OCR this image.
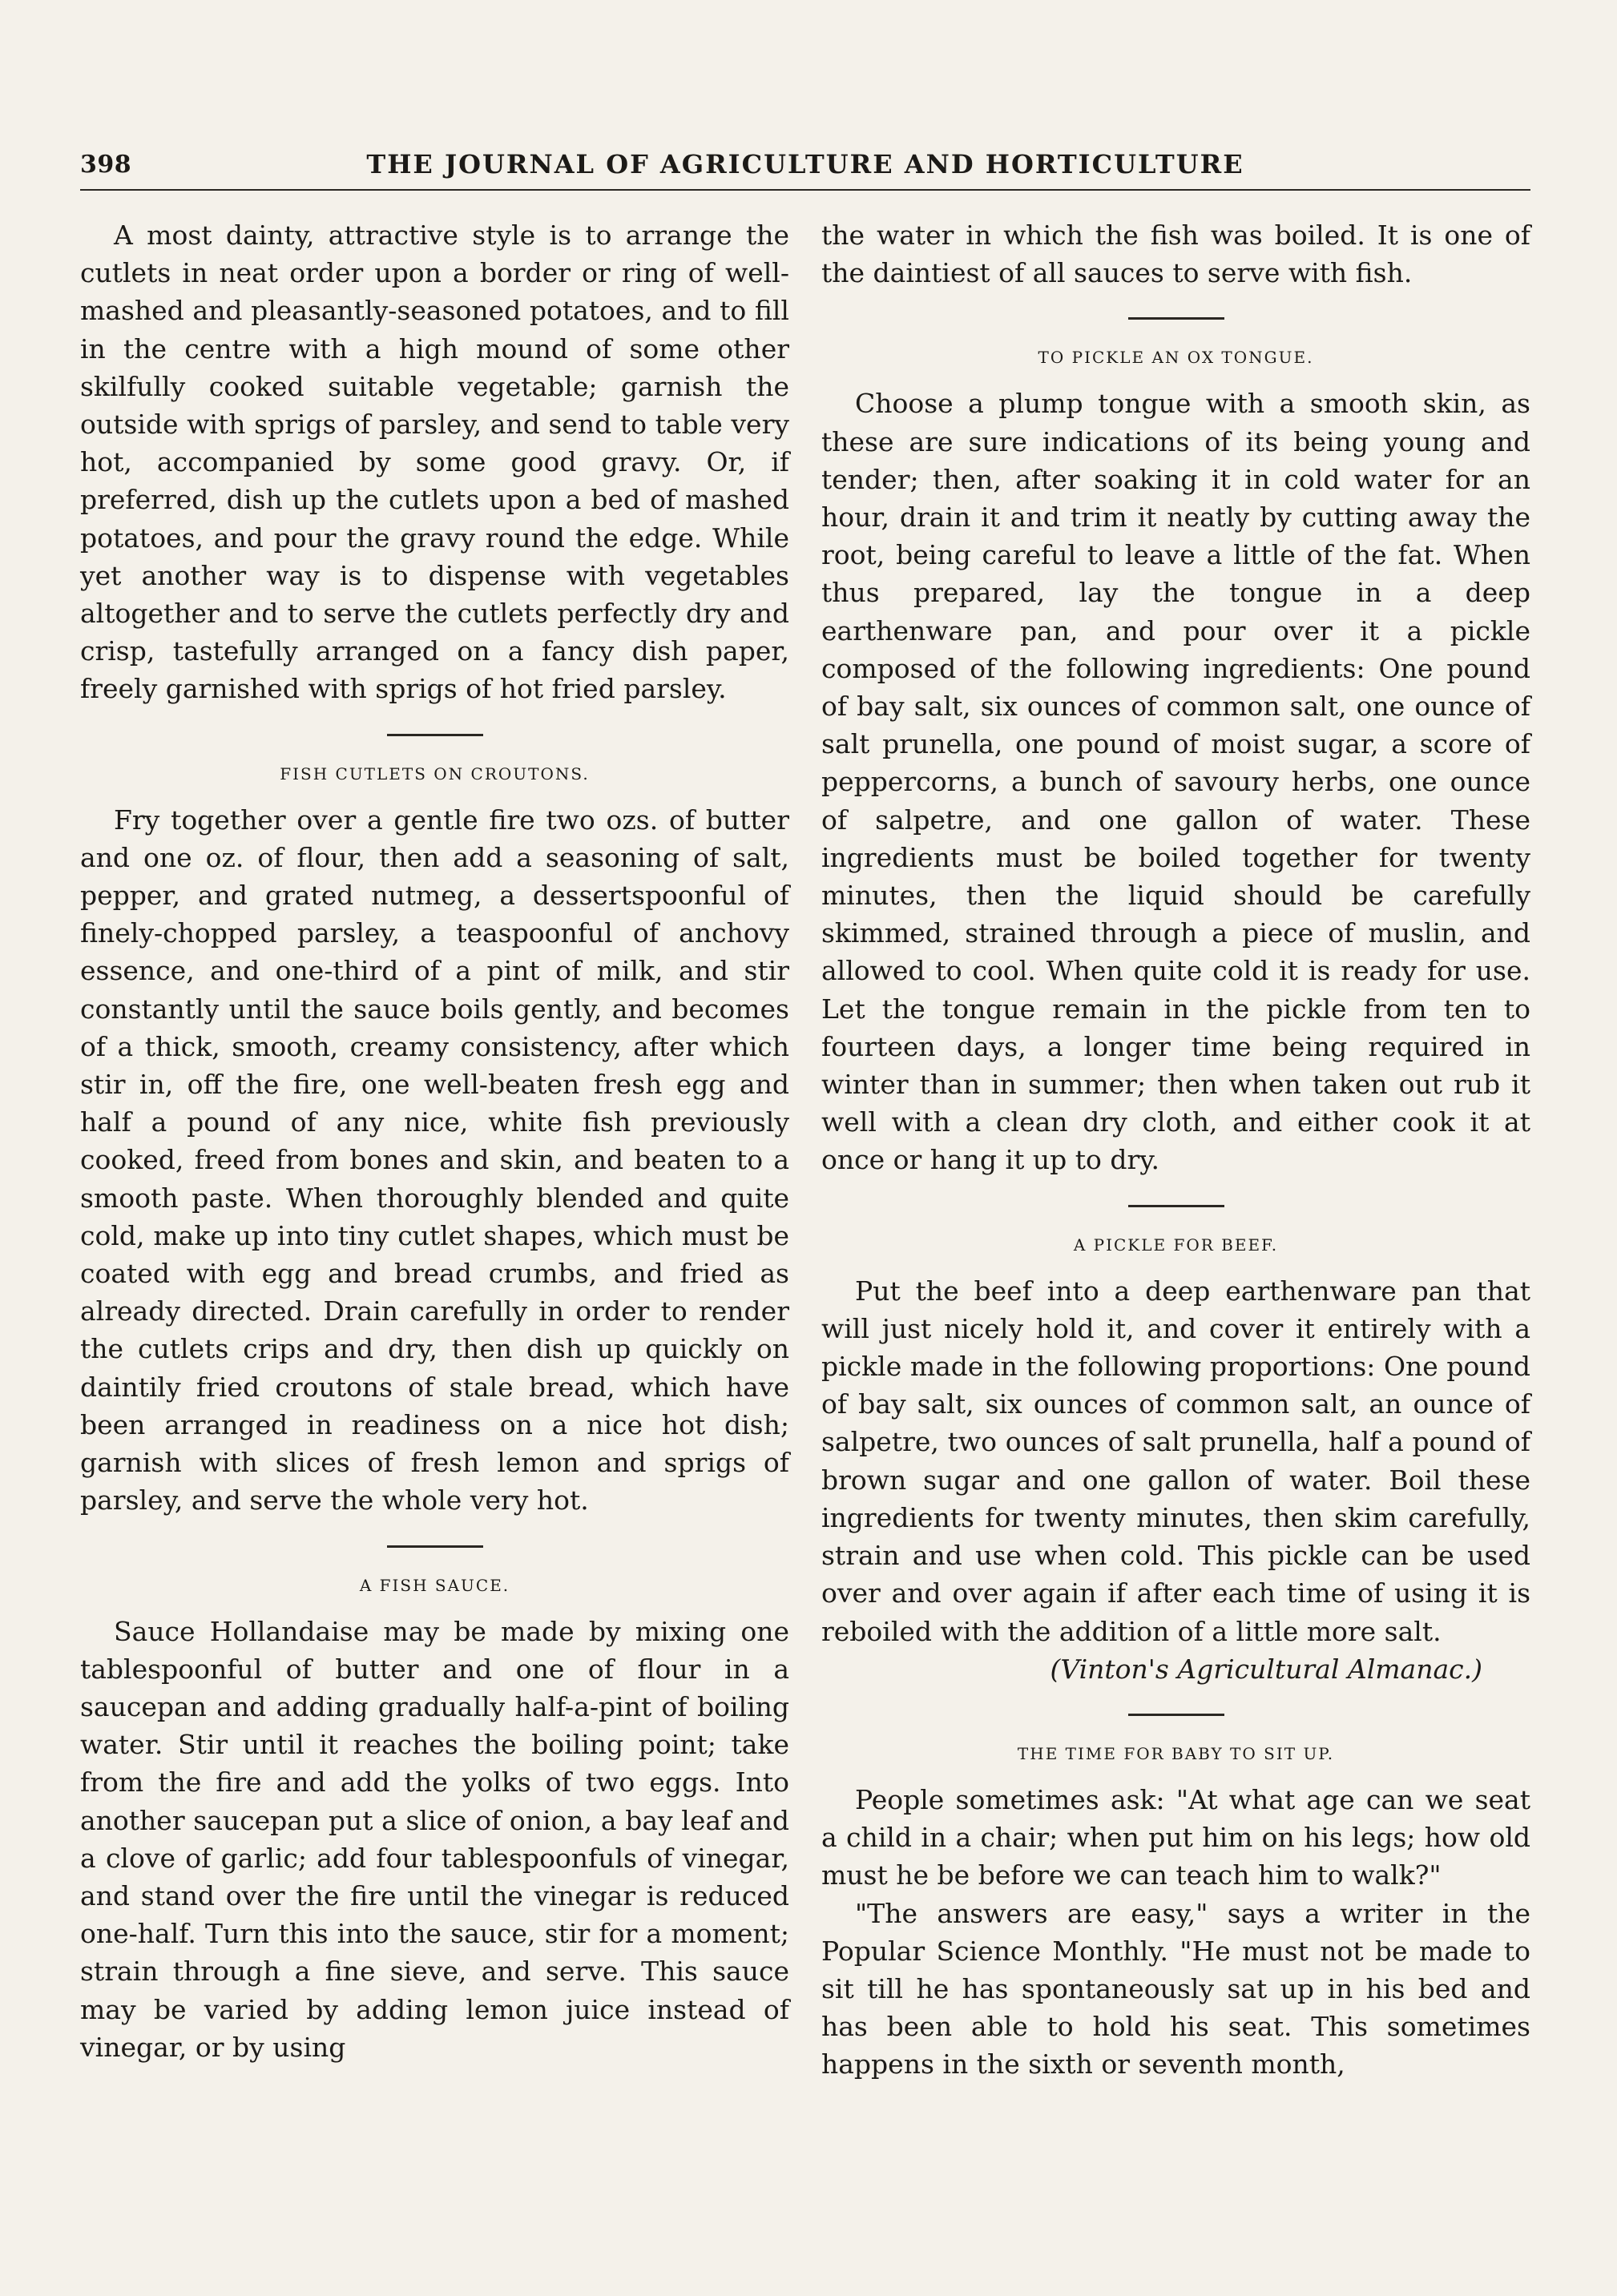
398	THE JOURNAL OF AGRICULTURE AND HORTICULTURE

A most dainty, attractive style is to arrange the cutlets in neat order upon a border or ring of well-mashed and pleasantly-seasoned potatoes, and to fill in the centre with a high mound of some other skilfully cooked suitable vegetable; garnish the outside with sprigs of parsley, and send to table very hot, accompanied by some good gravy. Or, if preferred, dish up the cutlets upon a bed of mashed potatoes, and pour the gravy round the edge. While yet another way is to dispense with vegetables altogether and to serve the cutlets perfectly dry and crisp, tastefully arranged on a fancy dish paper, freely garnished with sprigs of hot fried parsley.

FISH CUTLETS ON CROUTONS.

Fry together over a gentle fire two ozs. of butter and one oz. of flour, then add a seasoning of salt, pepper, and grated nutmeg, a dessertspoonful of finely-chopped parsley, a teaspoonful of anchovy essence, and one-third of a pint of milk, and stir constantly until the sauce boils gently, and becomes of a thick, smooth, creamy consistency, after which stir in, off the fire, one well-beaten fresh egg and half a pound of any nice, white fish previously cooked, freed from bones and skin, and beaten to a smooth paste. When thoroughly blended and quite cold, make up into tiny cutlet shapes, which must be coated with egg and bread crumbs, and fried as already directed. Drain carefully in order to render the cutlets crips and dry, then dish up quickly on daintily fried croutons of stale bread, which have been arranged in readiness on a nice hot dish; garnish with slices of fresh lemon and sprigs of parsley, and serve the whole very hot.

A FISH SAUCE.

Sauce Hollandaise may be made by mixing one tablespoonful of butter and one of flour in a saucepan and adding gradually half-a-pint of boiling water. Stir until it reaches the boiling point; take from the fire and add the yolks of two eggs. Into another saucepan put a slice of onion, a bay leaf and a clove of garlic; add four tablespoonfuls of vinegar, and stand over the fire until the vinegar is reduced one-half. Turn this into the sauce, stir for a moment; strain through a fine sieve, and serve. This sauce may be varied by adding lemon juice instead of vinegar, or by using

the water in which the fish was boiled. It is one of the daintiest of all sauces to serve with fish.

TO PICKLE AN OX TONGUE.

Choose a plump tongue with a smooth skin, as these are sure indications of its being young and tender; then, after soaking it in cold water for an hour, drain it and trim it neatly by cutting away the root, being careful to leave a little of the fat. When thus prepared, lay the tongue in a deep earthenware pan, and pour over it a pickle composed of the following ingredients: One pound of bay salt, six ounces of common salt, one ounce of salt prunella, one pound of moist sugar, a score of peppercorns, a bunch of savoury herbs, one ounce of salpetre, and one gallon of water. These ingredients must be boiled together for twenty minutes, then the liquid should be carefully skimmed, strained through a piece of muslin, and allowed to cool. When quite cold it is ready for use. Let the tongue remain in the pickle from ten to fourteen days, a longer time being required in winter than in summer; then when taken out rub it well with a clean dry cloth, and either cook it at once or hang it up to dry.

A PICKLE FOR BEEF.

Put the beef into a deep earthenware pan that will just nicely hold it, and cover it entirely with a pickle made in the following proportions: One pound of bay salt, six ounces of common salt, an ounce of salpetre, two ounces of salt prunella, half a pound of brown sugar and one gallon of water. Boil these ingredients for twenty minutes, then skim carefully, strain and use when cold. This pickle can be used over and over again if after each time of using it is reboiled with the addition of a little more salt.

(Vinton's Agricultural Almanac.)
THE TIME FOR BABY TO SIT UP.

People sometimes ask: "At what age can we seat a child in a chair; when put him on his legs; how old must he be before we can teach him to walk?"

"The answers are easy," says a writer in the Popular Science Monthly. "He must not be made to sit till he has spontaneously sat up in his bed and has been able to hold his seat. This sometimes happens in the sixth or seventh month,
